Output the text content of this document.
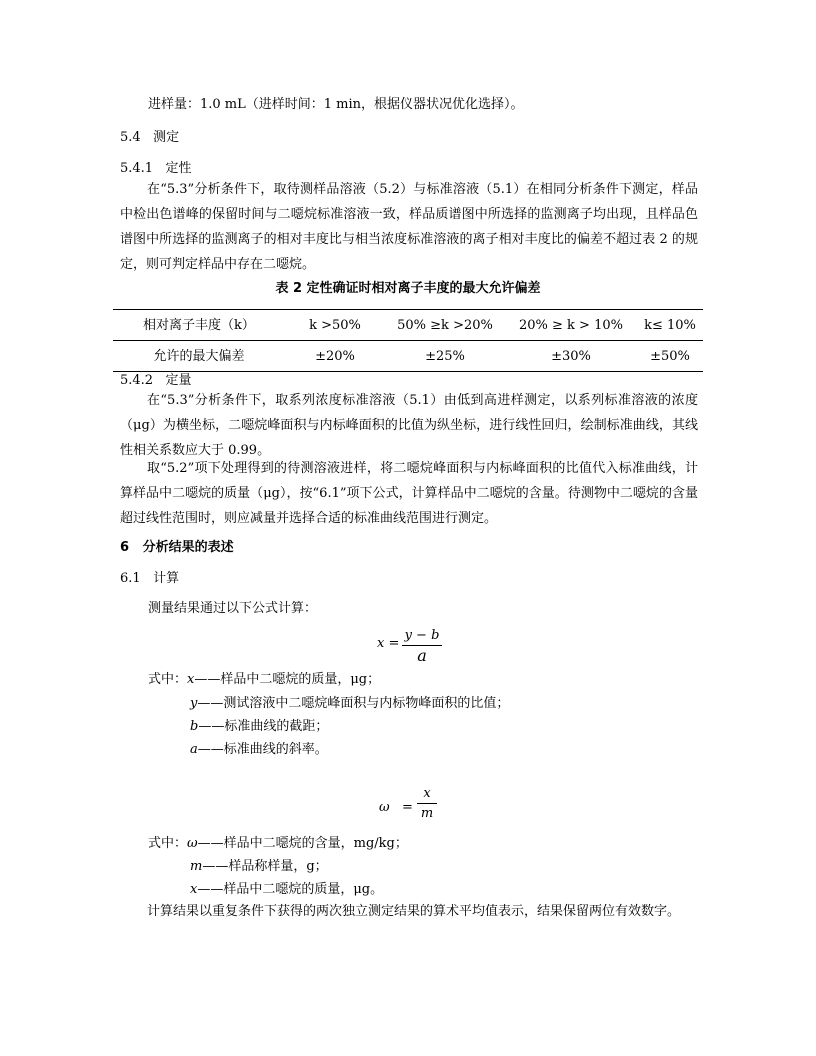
进样量：1.0 mL（进样时间：1 min，根据仪器状况优化选择）。
5.4 测定
5.4.1 定性

在“5.3”分析条件下，取待测样品溶液（5.2）与标准溶液（5.1）在相同分析条件下测定，样品中检出色谱峰的保留时间与二噁烷标准溶液一致，样品质谱图中所选择的监测离子均出现，且样品色谱图中所选择的监测离子的相对丰度比与相当浓度标准溶液的离子相对丰度比的偏差不超过表 2 的规定，则可判定样品中存在二噁烷。

表 2 定性确证时相对离子丰度的最大允许偏差
相对离子丰度（k）	k >50%	50% ≥k >20%	20% ≥ k > 10%	k≤ 10%
允许的最大偏差	±20%	±25%	±30%	±50%
5.4.2 定量

在“5.3”分析条件下，取系列浓度标准溶液（5.1）由低到高进样测定，以系列标准溶液的浓度（μg）为横坐标，二噁烷峰面积与内标峰面积的比值为纵坐标，进行线性回归，绘制标准曲线，其线性相关系数应大于 0.99。

取“5.2”项下处理得到的待测溶液进样，将二噁烷峰面积与内标峰面积的比值代入标准曲线，计算样品中二噁烷的质量（μg），按“6.1”项下公式，计算样品中二噁烷的含量。待测物中二噁烷的含量超过线性范围时，则应减量并选择合适的标准曲线范围进行测定。

6 分析结果的表述
6.1 计算
测量结果通过以下公式计算：
x =
y − b
a
式中：x——样品中二噁烷的质量，μg；
y——测试溶液中二噁烷峰面积与内标物峰面积的比值；
b——标准曲线的截距；
a——标准曲线的斜率。
ω =
x
m
式中：ω——样品中二噁烷的含量，mg/kg；
m——样品称样量，g；
x——样品中二噁烷的质量，μg。

计算结果以重复条件下获得的两次独立测定结果的算术平均值表示，结果保留两位有效数字。
